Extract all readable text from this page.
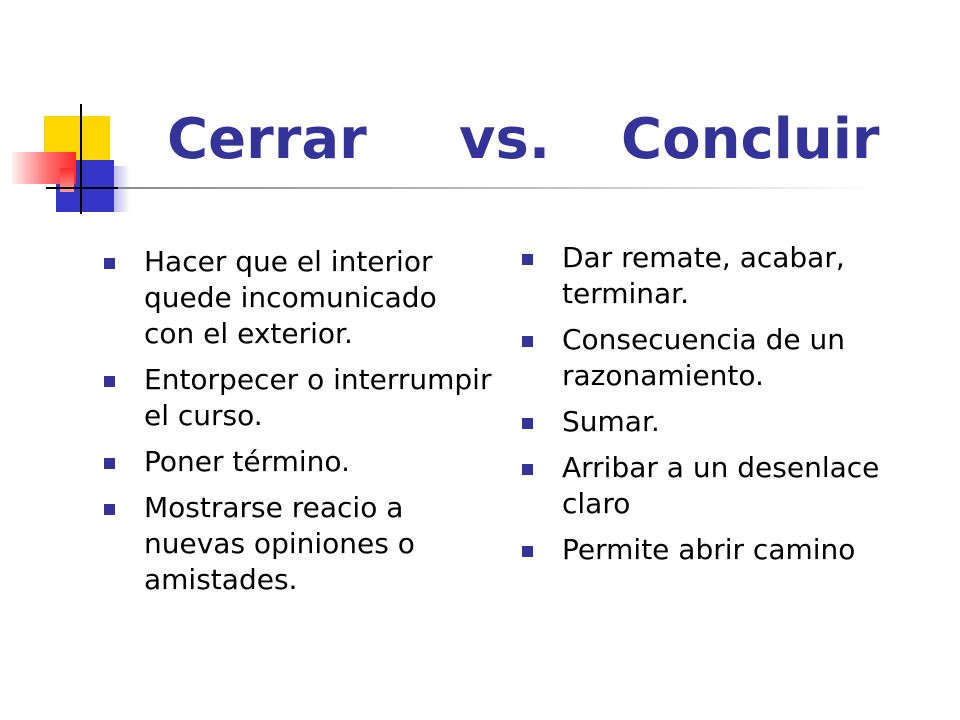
Cerrar vs. Concluir
Hacer que el interior quede incomunicado con el exterior.
Entorpecer o interrumpir el curso.
Poner término.
Mostrarse reacio a nuevas opiniones o amistades.
Dar remate, acabar, terminar.
Consecuencia de un razonamiento.
Sumar.
Arribar a un desenlace claro
Permite abrir camino
